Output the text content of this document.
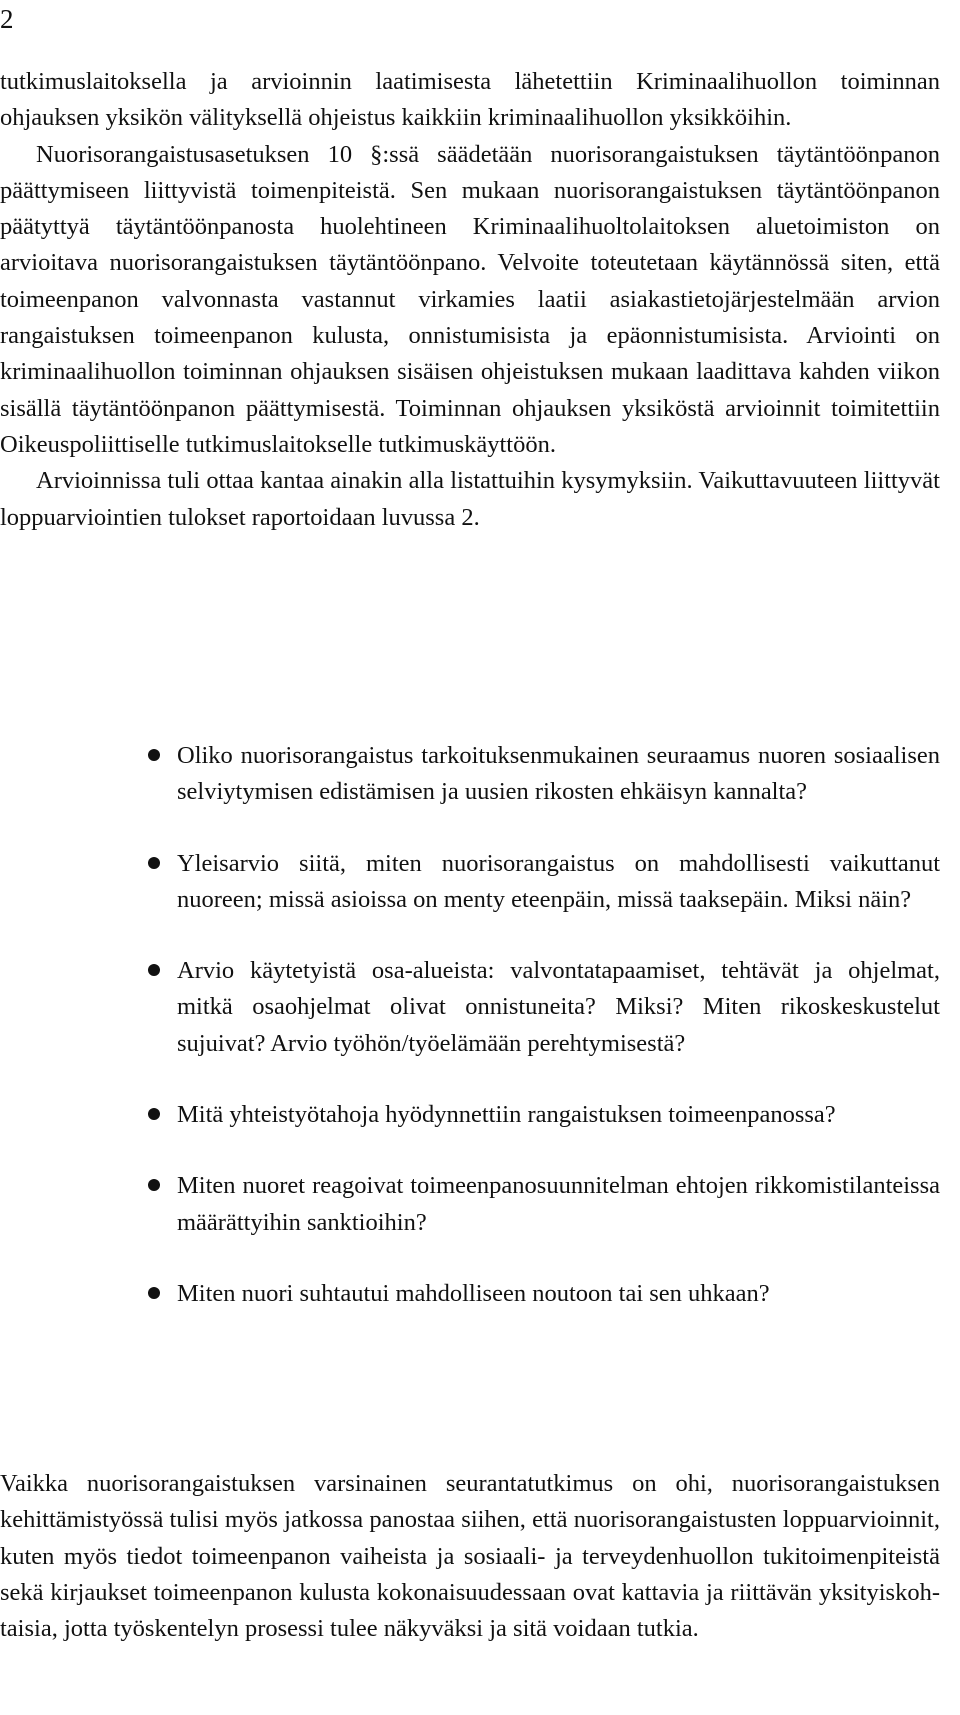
2

tutkimuslaitoksella ja arvioinnin laatimisesta lähetettiin Kriminaalihuollon toiminnan ohjauksen yksikön välityksellä ohjeistus kaikkiin kriminaalihuollon yksikköihin.

Nuorisorangaistusasetuksen 10 §:ssä säädetään nuorisorangaistuksen täytäntöönpanon päättymiseen liittyvistä toimenpiteistä. Sen mukaan nuorisorangaistuksen täytäntöönpanon päätyttyä täytäntöönpanosta huolehtineen Kriminaalihuoltolaitoksen aluetoimiston on arvioitava nuorisorangaistuksen täytäntöönpano. Velvoite toteutetaan käytännössä siten, että toimeenpanon valvonnasta vastannut virkamies laatii asiakastietojärjestelmään arvion rangaistuksen toimeenpanon kulusta, onnistumisista ja epäonnistumisista. Arviointi on kriminaalihuollon toiminnan ohjauksen sisäisen ohjeistuksen mukaan laadittava kahden viikon sisällä täytäntöönpanon päättymisestä. Toiminnan ohjauksen yksiköstä arvioinnit toimitettiin Oikeuspoliittiselle tutkimuslaitokselle tutkimuskäyttöön.

Arvioinnissa tuli ottaa kantaa ainakin alla listattuihin kysymyksiin. Vaikuttavuuteen liittyvät loppuarviointien tulokset raportoidaan luvussa 2.

Oliko nuorisorangaistus tarkoituksenmukainen seuraamus nuoren sosiaalisen selviytymisen edistämisen ja uusien rikosten ehkäisyn kannalta?
Yleisarvio siitä, miten nuorisorangaistus on mahdollisesti vaikuttanut nuoreen; missä asioissa on menty eteenpäin, missä taaksepäin. Miksi näin?
Arvio käytetyistä osa-alueista: valvontatapaamiset, tehtävät ja ohjelmat, mitkä osaohjelmat olivat onnistuneita? Miksi? Miten rikoskeskustelut sujuivat? Arvio työhön/työelämään perehtymisestä?
Mitä yhteistyötahoja hyödynnettiin rangaistuksen toimeenpanossa?
Miten nuoret reagoivat toimeenpanosuunnitelman ehtojen rikkomistilanteissa määrättyihin sanktioihin?
Miten nuori suhtautui mahdolliseen noutoon tai sen uhkaan?

Vaikka nuorisorangaistuksen varsinainen seurantatutkimus on ohi, nuorisorangaistuksen kehittämistyössä tulisi myös jatkossa panostaa siihen, että nuorisorangaistusten loppuarvioinnit, kuten myös tiedot toimeenpanon vaiheista ja sosiaali- ja terveydenhuollon tukitoimenpiteistä sekä kirjaukset toimeenpanon kulusta kokonaisuudessaan ovat kattavia ja riittävän yksityiskohtaisia, jotta työskentelyn prosessi tulee näkyväksi ja sitä voidaan tutkia.
